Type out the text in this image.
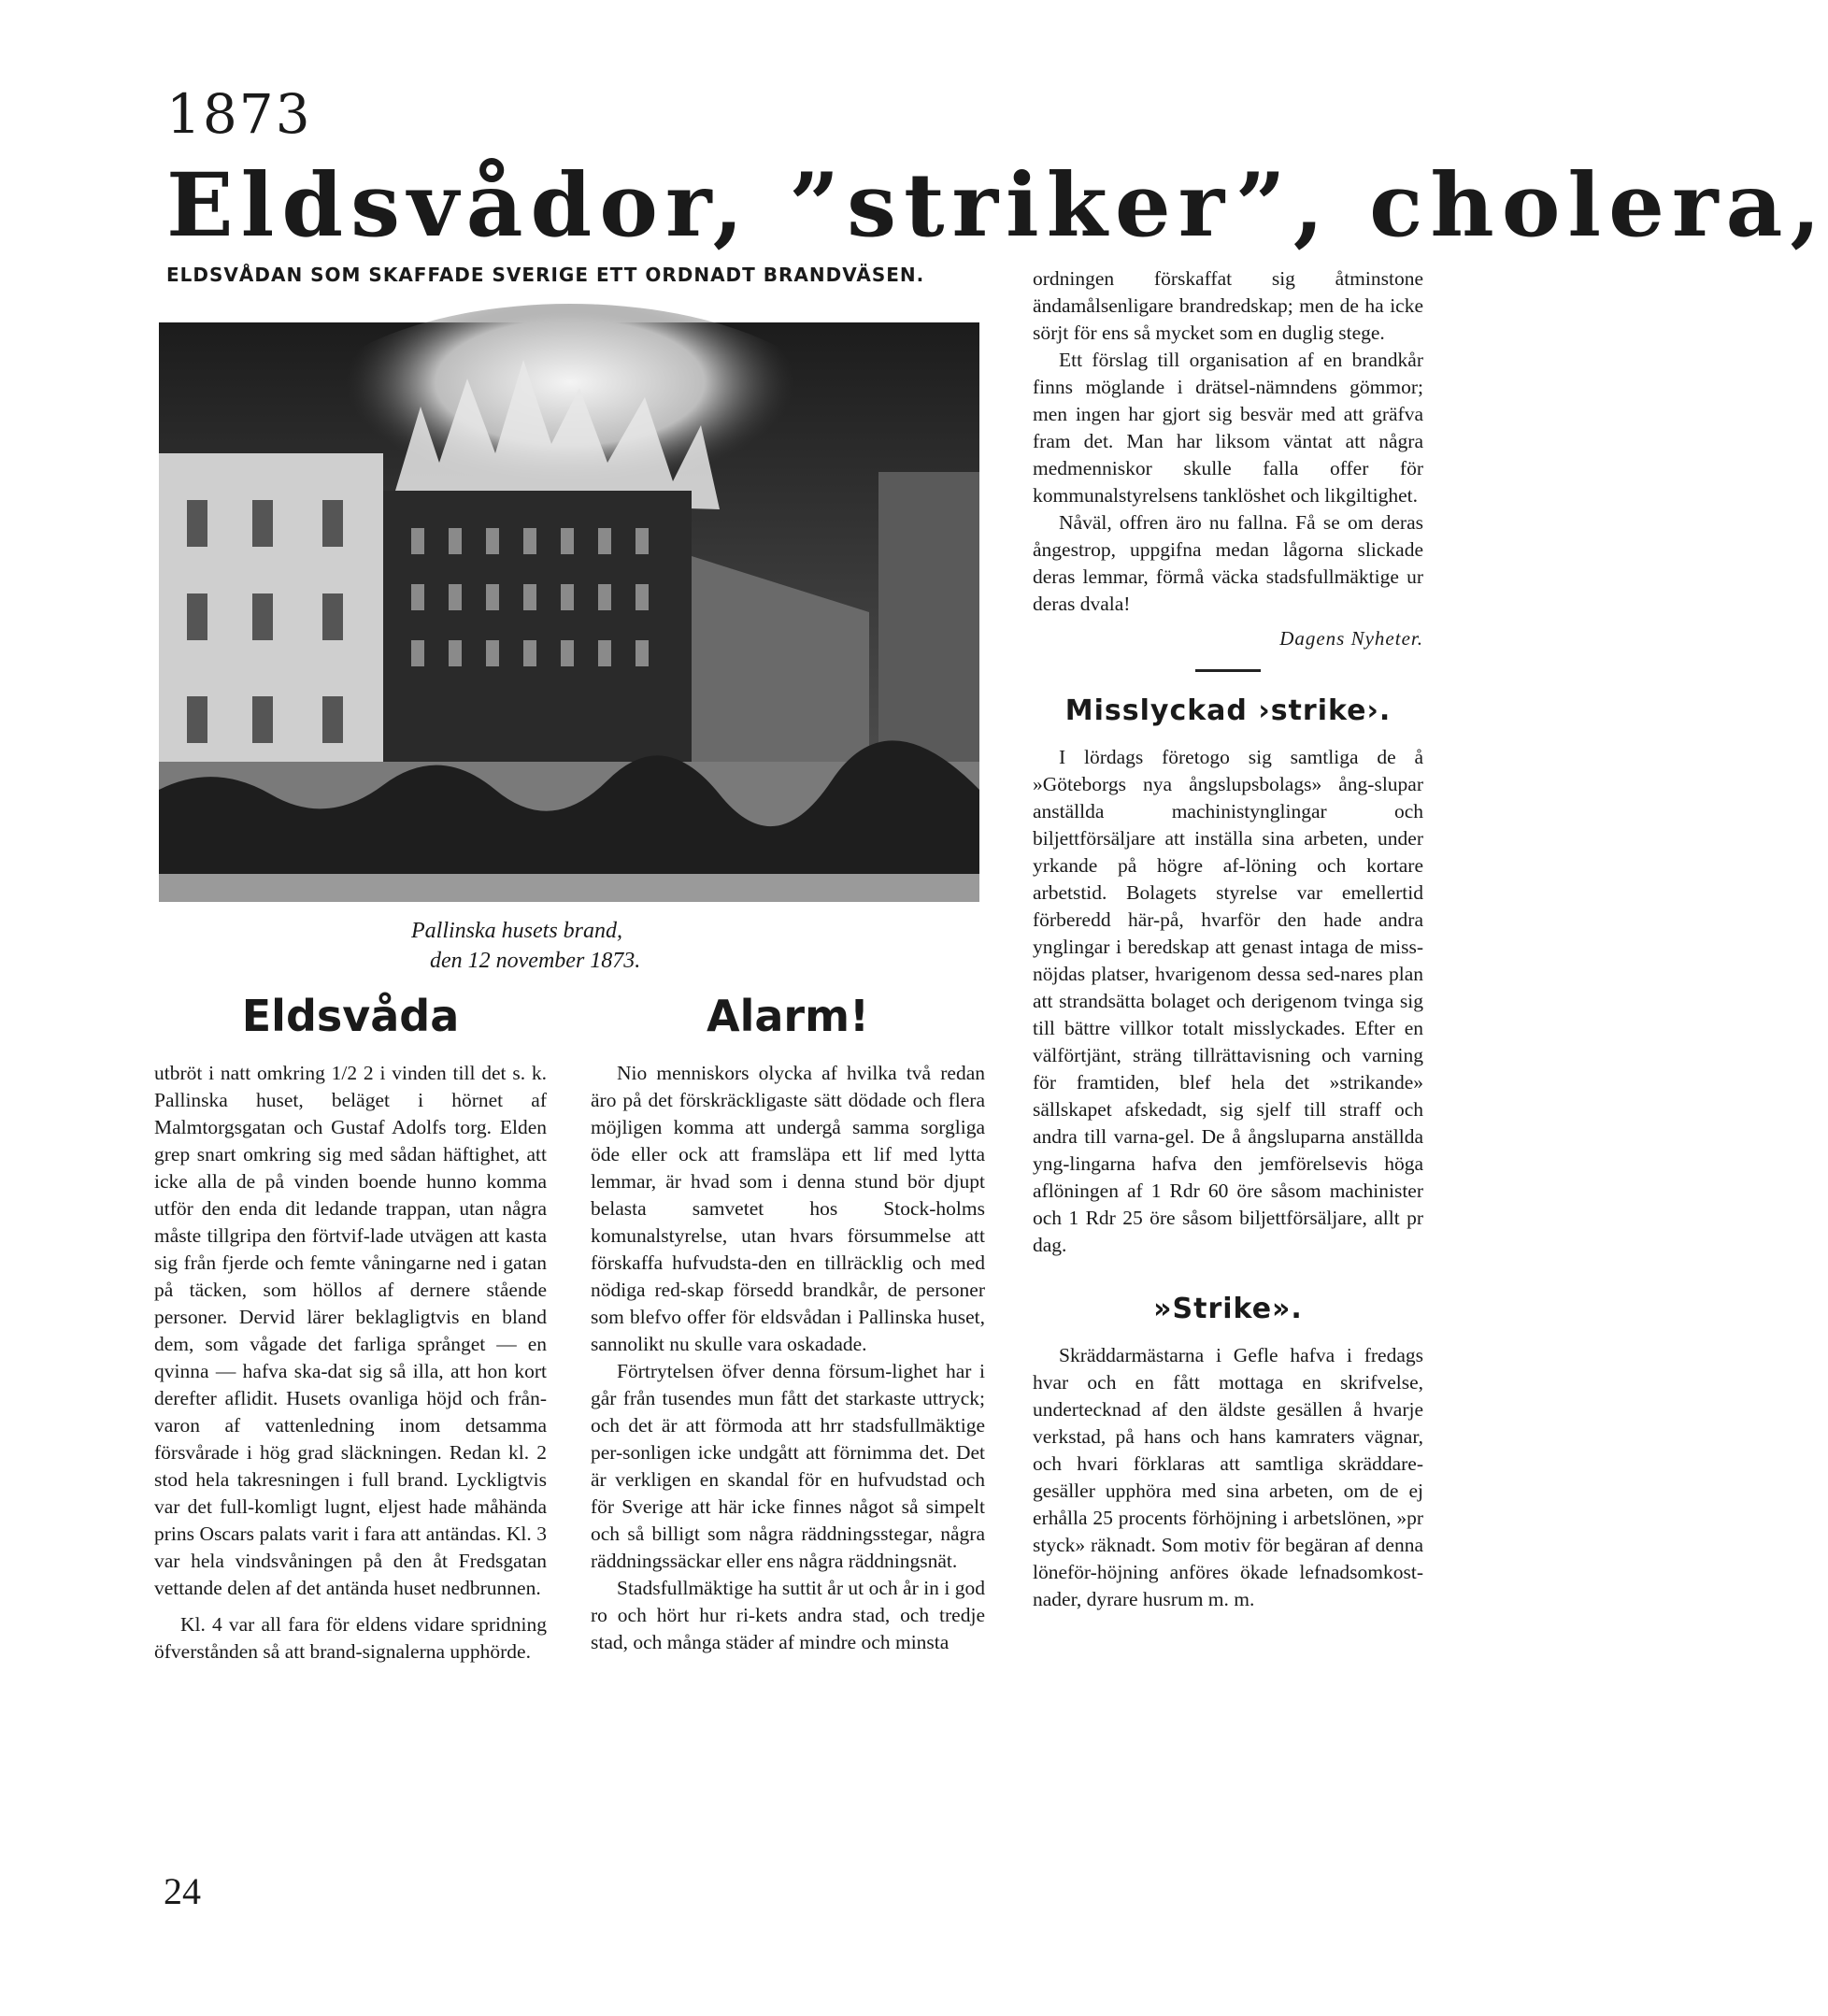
1873
Eldsvådor, ”striker”, cholera,
ELDSVÅDAN SOM SKAFFADE SVERIGE ETT ORDNADT BRANDVÄSEN.
Pallinska husets brand,
den 12 november 1873.
Eldsvåda

utbröt i natt omkring 1/2 2 i vinden till det s. k. Pallinska huset, beläget i hörnet af Malmtorgsgatan och Gustaf Adolfs torg. Elden grep snart omkring sig med sådan häftighet, att icke alla de på vinden boende hunno komma utför den enda dit ledande trappan, utan några måste tillgripa den förtvif-lade utvägen att kasta sig från fjerde och femte våningarne ned i gatan på täcken, som höllos af dernere stående personer. Dervid lärer beklagligtvis en bland dem, som vågade det farliga språnget — en qvinna — hafva ska-dat sig så illa, att hon kort derefter aflidit. Husets ovanliga höjd och från-varon af vattenledning inom detsamma försvårade i hög grad släckningen. Redan kl. 2 stod hela takresningen i full brand. Lyckligtvis var det full-komligt lugnt, eljest hade måhända prins Oscars palats varit i fara att antändas. Kl. 3 var hela vindsvåningen på den åt Fredsgatan vettande delen af det antända huset nedbrunnen.

Kl. 4 var all fara för eldens vidare spridning öfverstånden så att brand-signalerna upphörde.

Alarm!

Nio menniskors olycka af hvilka två redan äro på det förskräckligaste sätt dödade och flera möjligen komma att undergå samma sorgliga öde eller ock att framsläpa ett lif med lytta lemmar, är hvad som i denna stund bör djupt belasta samvetet hos Stock-holms komunalstyrelse, utan hvars försummelse att förskaffa hufvudsta-den en tillräcklig och med nödiga red-skap försedd brandkår, de personer som blefvo offer för eldsvådan i Pallinska huset, sannolikt nu skulle vara oskadade.

Förtrytelsen öfver denna försum-lighet har i går från tusendes mun fått det starkaste uttryck; och det är att förmoda att hrr stadsfullmäktige per-sonligen icke undgått att förnimma det. Det är verkligen en skandal för en hufvudstad och för Sverige att här icke finnes något så simpelt och så billigt som några räddningsstegar, några räddningssäckar eller ens några räddningsnät.

Stadsfullmäktige ha suttit år ut och år in i god ro och hört hur ri-kets andra stad, och tredje stad, och många städer af mindre och minsta

ordningen förskaffat sig åtminstone ändamålsenligare brandredskap; men de ha icke sörjt för ens så mycket som en duglig stege.

Ett förslag till organisation af en brandkår finns möglande i drätsel-nämndens gömmor; men ingen har gjort sig besvär med att gräfva fram det. Man har liksom väntat att några medmenniskor skulle falla offer för kommunalstyrelsens tanklöshet och likgiltighet.

Nåväl, offren äro nu fallna. Få se om deras ångestrop, uppgifna medan lågorna slickade deras lemmar, förmå väcka stadsfullmäktige ur deras dvala!

Dagens Nyheter.
Misslyckad ›strike›.

I lördags företogo sig samtliga de å »Göteborgs nya ångslupsbolags» ång-slupar anställda machinistynglingar och biljettförsäljare att inställa sina arbeten, under yrkande på högre af-löning och kortare arbetstid. Bolagets styrelse var emellertid förberedd här-på, hvarför den hade andra ynglingar i beredskap att genast intaga de miss-nöjdas platser, hvarigenom dessa sed-nares plan att strandsätta bolaget och derigenom tvinga sig till bättre villkor totalt misslyckades. Efter en välförtjänt, sträng tillrättavisning och varning för framtiden, blef hela det »strikande» sällskapet afskedadt, sig sjelf till straff och andra till varna-gel. De å ångsluparna anställda yng-lingarna hafva den jemförelsevis höga aflöningen af 1 Rdr 60 öre såsom machinister och 1 Rdr 25 öre såsom biljettförsäljare, allt pr dag.

»Strike».

Skräddarmästarna i Gefle hafva i fredags hvar och en fått mottaga en skrifvelse, undertecknad af den äldste gesällen å hvarje verkstad, på hans och hans kamraters vägnar, och hvari förklaras att samtliga skräddare-gesäller upphöra med sina arbeten, om de ej erhålla 25 procents förhöjning i arbetslönen, »pr styck» räknadt. Som motiv för begäran af denna löneför-höjning anföres ökade lefnadsomkost-nader, dyrare husrum m. m.

24
